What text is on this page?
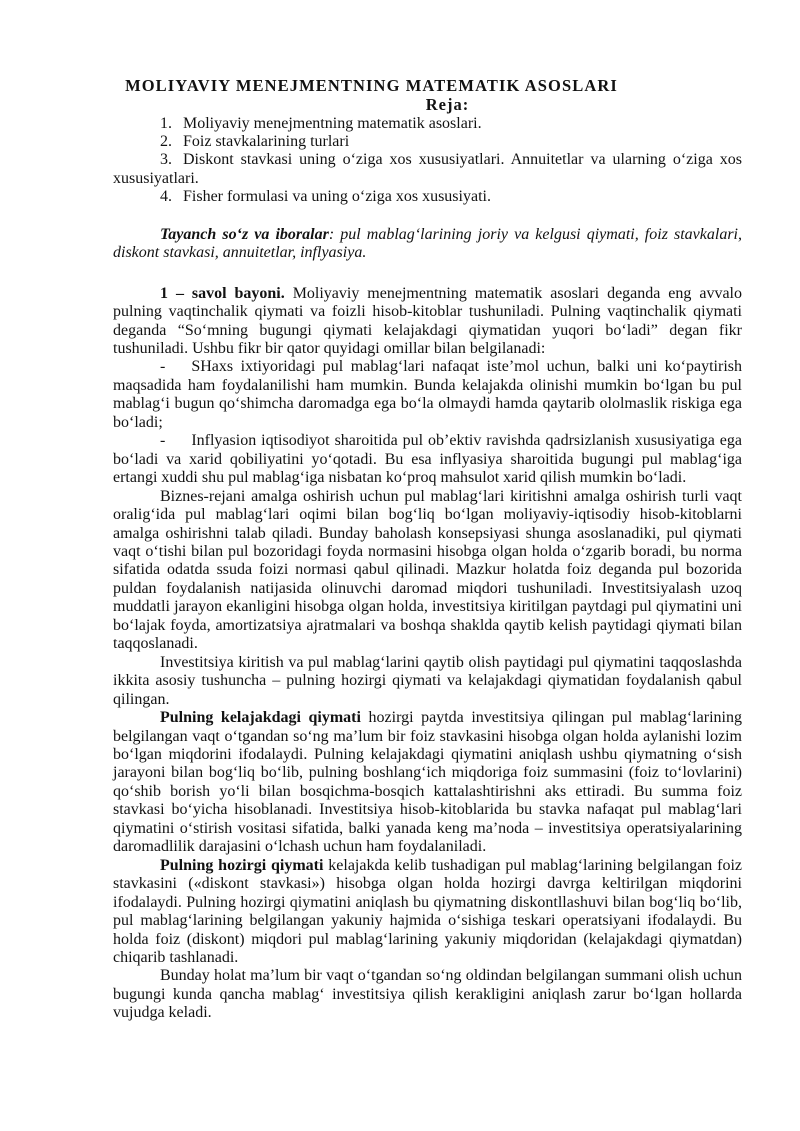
MOLIYAVIY MENEJMENTNING MATEMATIK ASOSLARI
Reja:

1. Moliyaviy menejmentning matematik asoslari.

2. Foiz stavkalarining turlari

3. Diskont stavkasi uning o‘ziga xos xususiyatlari. Annuitetlar va ularning o‘ziga xos xususiyatlari.

4. Fisher formulasi va uning o‘ziga xos xususiyati.

Tayanch so‘z va iboralar: pul mablag‘larining joriy va kelgusi qiymati, foiz stavkalari, diskont stavkasi, annuitetlar, inflyasiya.

1 – savol bayoni. Moliyaviy menejmentning matematik asoslari deganda eng avvalo pulning vaqtinchalik qiymati va foizli hisob-kitoblar tushuniladi. Pulning vaqtinchalik qiymati deganda “So‘mning bugungi qiymati kelajakdagi qiymatidan yuqori bo‘ladi” degan fikr tushuniladi. Ushbu fikr bir qator quyidagi omillar bilan belgilanadi:

- SHaxs ixtiyoridagi pul mablag‘lari nafaqat iste’mol uchun, balki uni ko‘paytirish maqsadida ham foydalanilishi ham mumkin. Bunda kelajakda olinishi mumkin bo‘lgan bu pul mablag‘i bugun qo‘shimcha daromadga ega bo‘la olmaydi hamda qaytarib ololmaslik riskiga ega bo‘ladi;

- Inflyasion iqtisodiyot sharoitida pul ob’ektiv ravishda qadrsizlanish xususiyatiga ega bo‘ladi va xarid qobiliyatini yo‘qotadi. Bu esa inflyasiya sharoitida bugungi pul mablag‘iga ertangi xuddi shu pul mablag‘iga nisbatan ko‘proq mahsulot xarid qilish mumkin bo‘ladi.

Biznes-rejani amalga oshirish uchun pul mablag‘lari kiritishni amalga oshirish turli vaqt oralig‘ida pul mablag‘lari oqimi bilan bog‘liq bo‘lgan moliyaviy-iqtisodiy hisob-kitoblarni amalga oshirishni talab qiladi. Bunday baholash konsepsiyasi shunga asoslanadiki, pul qiymati vaqt o‘tishi bilan pul bozoridagi foyda normasini hisobga olgan holda o‘zgarib boradi, bu norma sifatida odatda ssuda foizi normasi qabul qilinadi. Mazkur holatda foiz deganda pul bozorida puldan foydalanish natijasida olinuvchi daromad miqdori tushuniladi. Investitsiyalash uzoq muddatli jarayon ekanligini hisobga olgan holda, investitsiya kiritilgan paytdagi pul qiymatini uni bo‘lajak foyda, amortizatsiya ajratmalari va boshqa shaklda qaytib kelish paytidagi qiymati bilan taqqoslanadi.

Investitsiya kiritish va pul mablag‘larini qaytib olish paytidagi pul qiymatini taqqoslashda ikkita asosiy tushuncha – pulning hozirgi qiymati va kelajakdagi qiymatidan foydalanish qabul qilingan.

Pulning kelajakdagi qiymati hozirgi paytda investitsiya qilingan pul mablag‘larining belgilangan vaqt o‘tgandan so‘ng ma’lum bir foiz stavkasini hisobga olgan holda aylanishi lozim bo‘lgan miqdorini ifodalaydi. Pulning kelajakdagi qiymatini aniqlash ushbu qiymatning o‘sish jarayoni bilan bog‘liq bo‘lib, pulning boshlang‘ich miqdoriga foiz summasini (foiz to‘lovlarini) qo‘shib borish yo‘li bilan bosqichma-bosqich kattalashtirishni aks ettiradi. Bu summa foiz stavkasi bo‘yicha hisoblanadi. Investitsiya hisob-kitoblarida bu stavka nafaqat pul mablag‘lari qiymatini o‘stirish vositasi sifatida, balki yanada keng ma’noda – investitsiya operatsiyalarining daromadlilik darajasini o‘lchash uchun ham foydalaniladi.

Pulning hozirgi qiymati kelajakda kelib tushadigan pul mablag‘larining belgilangan foiz stavkasini («diskont stavkasi») hisobga olgan holda hozirgi davrga keltirilgan miqdorini ifodalaydi. Pulning hozirgi qiymatini aniqlash bu qiymatning diskontllashuvi bilan bog‘liq bo‘lib, pul mablag‘larining belgilangan yakuniy hajmida o‘sishiga teskari operatsiyani ifodalaydi. Bu holda foiz (diskont) miqdori pul mablag‘larining yakuniy miqdoridan (kelajakdagi qiymatdan) chiqarib tashlanadi.

Bunday holat ma’lum bir vaqt o‘tgandan so‘ng oldindan belgilangan summani olish uchun bugungi kunda qancha mablag‘ investitsiya qilish kerakligini aniqlash zarur bo‘lgan hollarda vujudga keladi.
